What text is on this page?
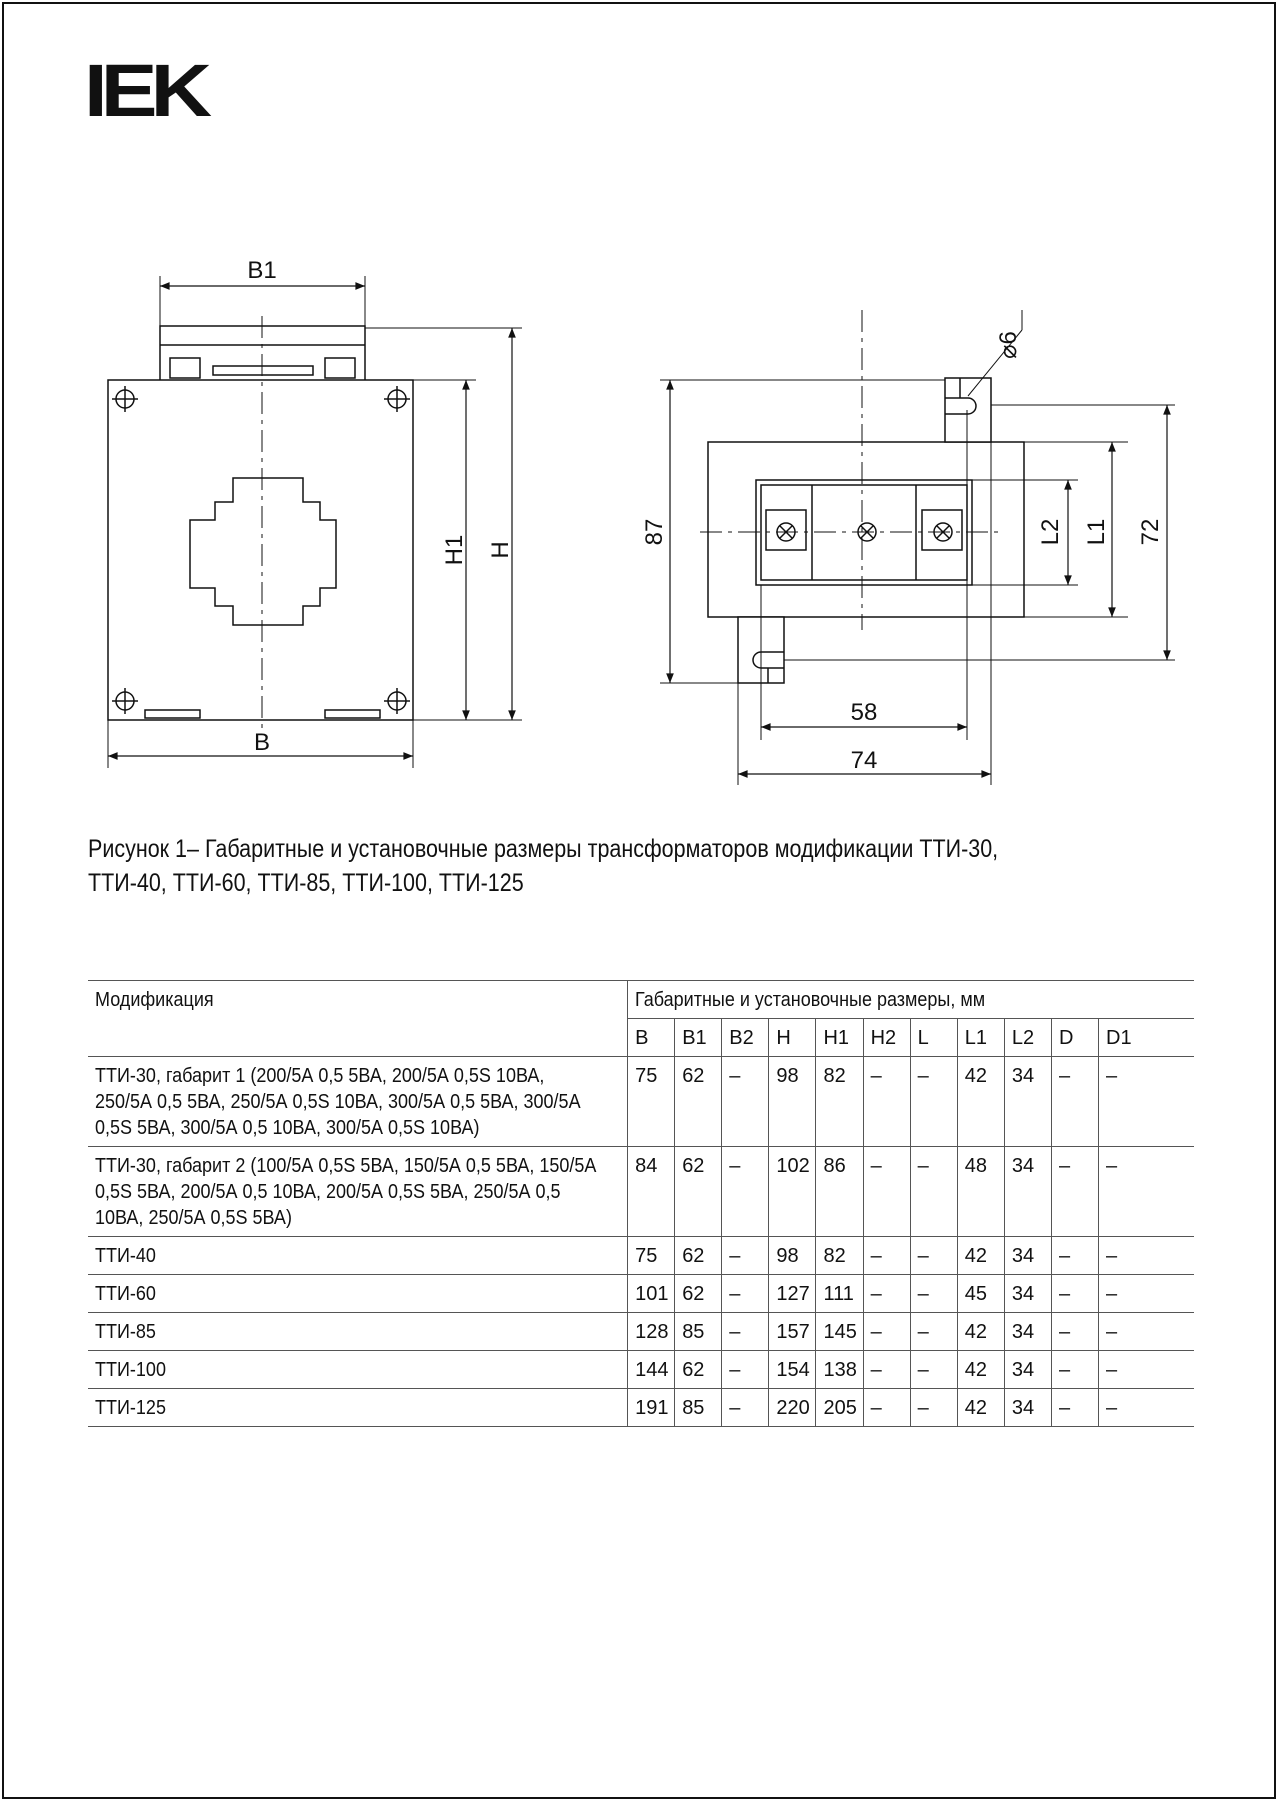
IEK
B1
B
H1 H
87
⌀6
L2 L1 72
58
74
Рисунок 1– Габаритные и установочные размеры трансформаторов модификации ТТИ-30, ТТИ-40, ТТИ-60, ТТИ-85, ТТИ-100, ТТИ-125
Модификация	Габаритные и установочные размеры, мм										
	B	B1	B2	H	H1	H2	L	L1	L2	D	D1
ТТИ-30, габарит 1 (200/5А 0,5 5ВА, 200/5А 0,5S 10ВА, 250/5А 0,5 5ВА, 250/5А 0,5S 10ВА, 300/5А 0,5 5ВА, 300/5А 0,5S 5ВА, 300/5А 0,5 10ВА, 300/5А 0,5S 10ВА)	75	62	–	98	82	–	–	42	34	–	–
ТТИ-30, габарит 2 (100/5А 0,5S 5ВА, 150/5А 0,5 5ВА, 150/5А 0,5S 5ВА, 200/5А 0,5 10ВА, 200/5А 0,5S 5ВА, 250/5А 0,5 10ВА, 250/5А 0,5S 5ВА)	84	62	–	102	86	–	–	48	34	–	–
ТТИ-40	75	62	–	98	82	–	–	42	34	–	–
ТТИ-60	101	62	–	127	111	–	–	45	34	–	–
ТТИ-85	128	85	–	157	145	–	–	42	34	–	–
ТТИ-100	144	62	–	154	138	–	–	42	34	–	–
ТТИ-125	191	85	–	220	205	–	–	42	34	–	–
